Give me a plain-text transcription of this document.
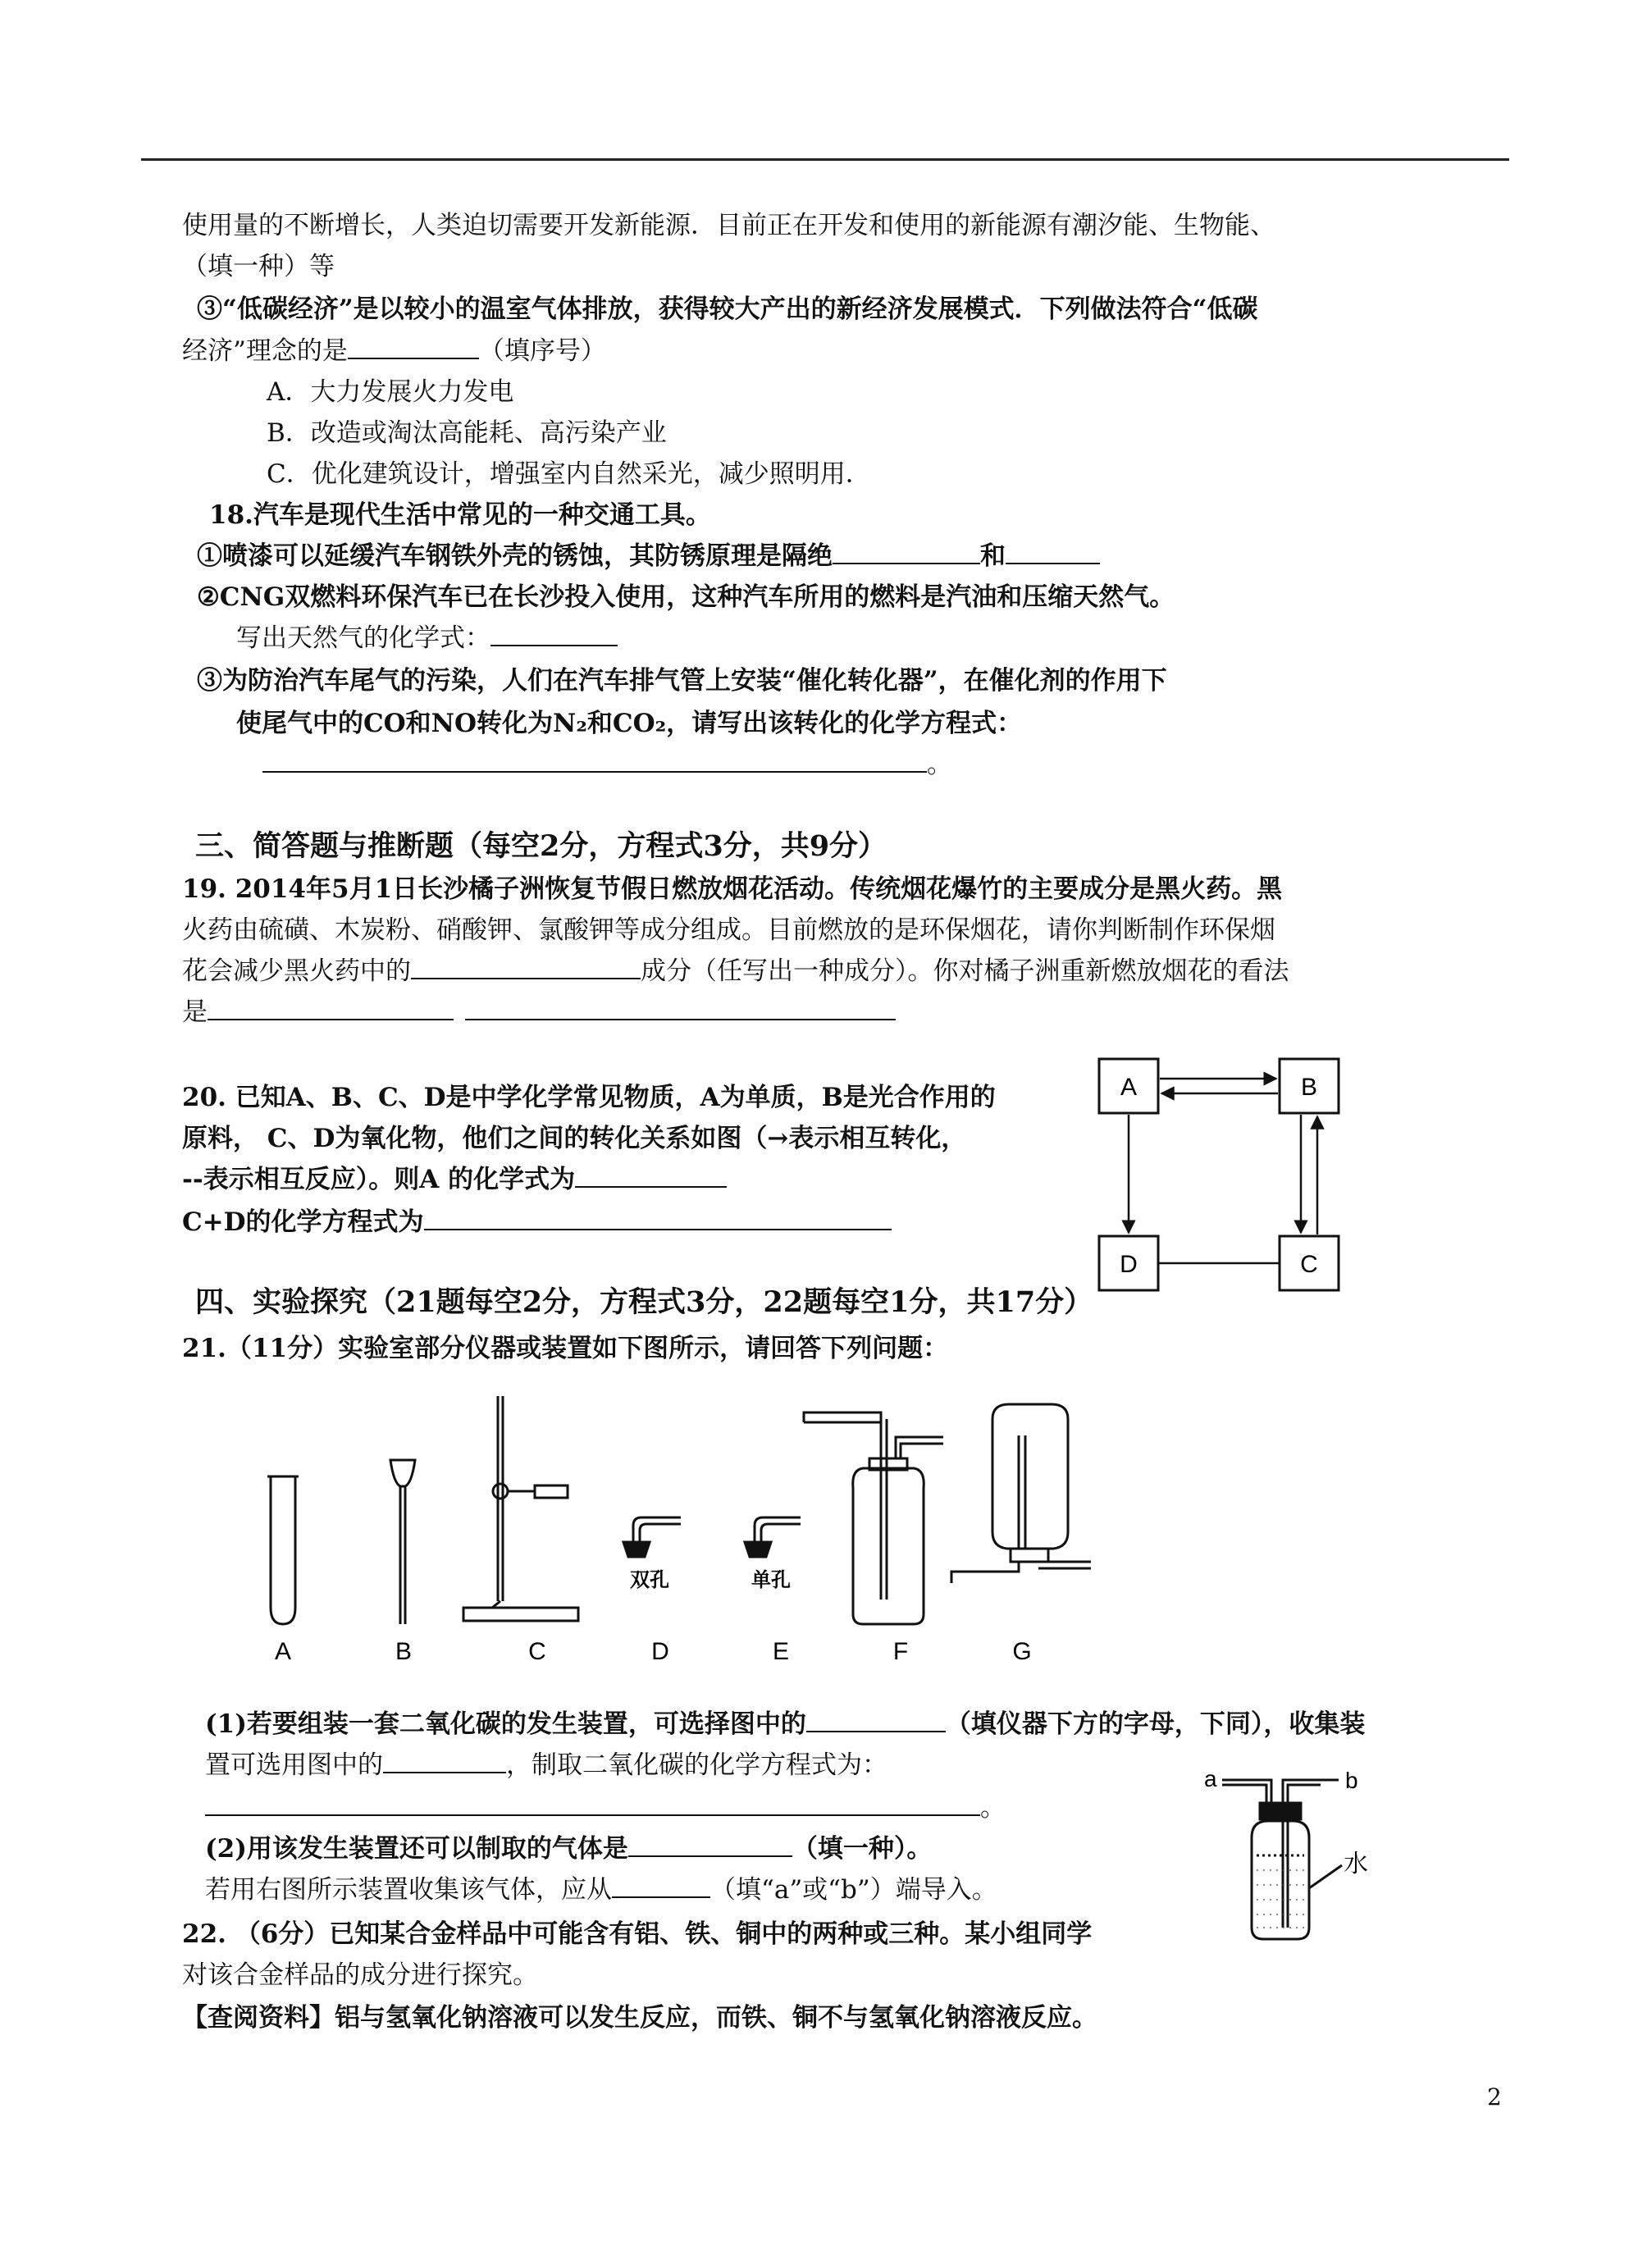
使用量的不断增长，人类迫切需要开发新能源．目前正在开发和使用的新能源有潮汐能、生物能、
（填一种）等
③“低碳经济”是以较小的温室气体排放，获得较大产出的新经济发展模式．下列做法符合“低碳
经济”理念的是	（填序号）
A．大力发展火力发电
B．改造或淘汰高能耗、高污染产业
C．优化建筑设计，增强室内自然采光，减少照明用．
18.汽车是现代生活中常见的一种交通工具。
①喷漆可以延缓汽车钢铁外壳的锈蚀，其防锈原理是隔绝	和
②CNG双燃料环保汽车已在长沙投入使用，这种汽车所用的燃料是汽油和压缩天然气。
写出天然气的化学式：
③为防治汽车尾气的污染，人们在汽车排气管上安装“催化转化器”，在催化剂的作用下
使尾气中的CO和NO转化为N₂和CO₂，请写出该转化的化学方程式：
。
三、简答题与推断题（每空2分，方程式3分，共9分）
19. 2014年5月1日长沙橘子洲恢复节假日燃放烟花活动。传统烟花爆竹的主要成分是黑火药。黑
火药由硫磺、木炭粉、硝酸钾、氯酸钾等成分组成。目前燃放的是环保烟花，请你判断制作环保烟
花会减少黑火药中的	成分（任写出一种成分）。你对橘子洲重新燃放烟花的看法
是
20. 已知A、B、C、D是中学化学常见物质，A为单质，B是光合作用的
原料， C、D为氧化物，他们之间的转化关系如图（→表示相互转化，
--表示相互反应）。则A 的化学式为
C+D的化学方程式为
A	B
D	C
四、实验探究（21题每空2分，方程式3分，22题每空1分，共17分）
21.（11分）实验室部分仪器或装置如下图所示，请回答下列问题：
双孔	单孔
A	B	C	D	E	F	G
(1)若要组装一套二氧化碳的发生装置，可选择图中的	（填仪器下方的字母，下同），收集装
置可选用图中的	，制取二氧化碳的化学方程式为：
。
(2)用该发生装置还可以制取的气体是	（填一种）。
若用右图所示装置收集该气体，应从	（填“a”或“b”）端导入。
a	b
水
22. （6分）已知某合金样品中可能含有铝、铁、铜中的两种或三种。某小组同学
对该合金样品的成分进行探究。
【查阅资料】铝与氢氧化钠溶液可以发生反应，而铁、铜不与氢氧化钠溶液反应。
2
